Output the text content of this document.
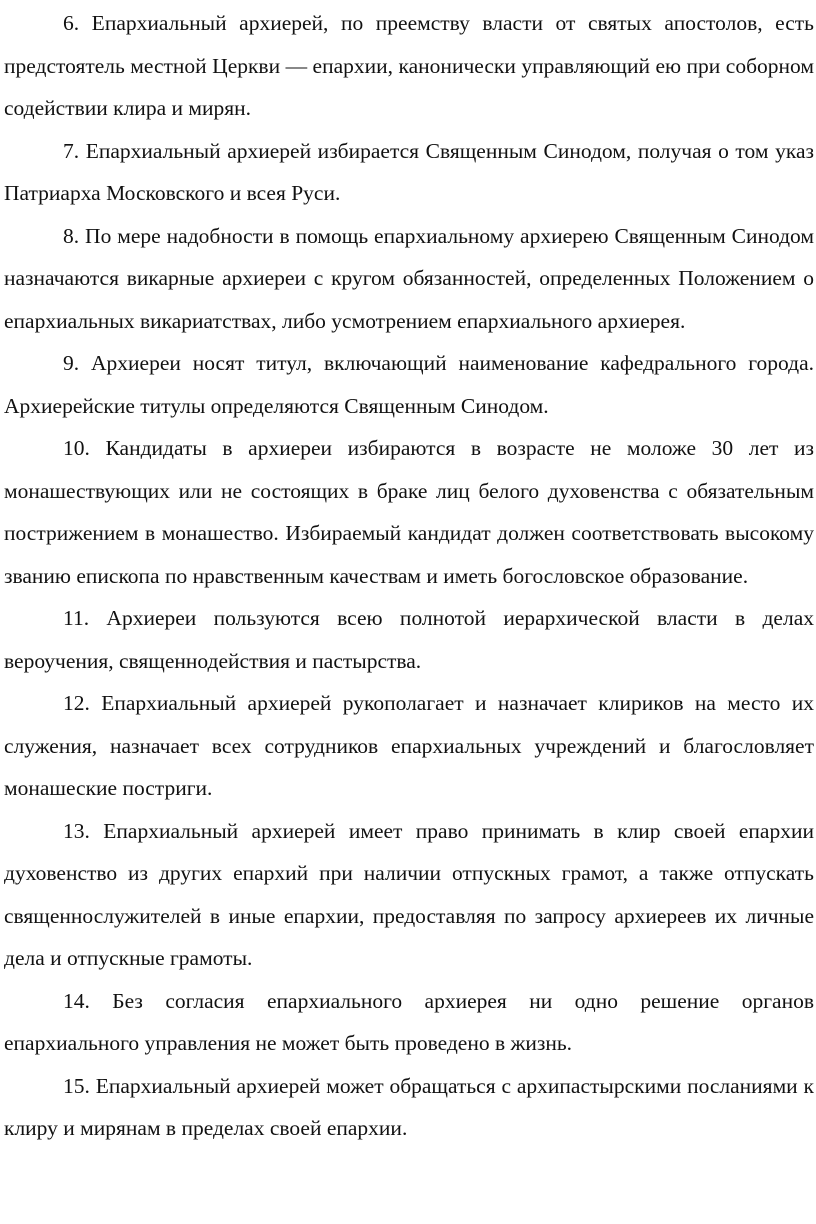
6. Епархиальный архиерей, по преемству власти от святых апостолов, есть предстоятель местной Церкви — епархии, канонически управляющий ею при соборном содействии клира и мирян.

7. Епархиальный архиерей избирается Священным Синодом, получая о том указ Патриарха Московского и всея Руси.

8. По мере надобности в помощь епархиальному архиерею Священным Синодом назначаются викарные архиереи с кругом обязанностей, определенных Положением о епархиальных викариатствах, либо усмотрением епархиального архиерея.

9. Архиереи носят титул, включающий наименование кафедрального города. Архиерейские титулы определяются Священным Синодом.

10. Кандидаты в архиереи избираются в возрасте не моложе 30 лет из монашествующих или не состоящих в браке лиц белого духовенства с обязательным пострижением в монашество. Избираемый кандидат должен соответствовать высокому званию епископа по нравственным качествам и иметь богословское образование.

11. Архиереи пользуются всею полнотой иерархической власти в делах вероучения, священнодействия и пастырства.

12. Епархиальный архиерей рукополагает и назначает клириков на место их служения, назначает всех сотрудников епархиальных учреждений и благословляет монашеские постриги.

13. Епархиальный архиерей имеет право принимать в клир своей епархии духовенство из других епархий при наличии отпускных грамот, а также отпускать священнослужителей в иные епархии, предоставляя по запросу архиереев их личные дела и отпускные грамоты.

14. Без согласия епархиального архиерея ни одно решение органов епархиального управления не может быть проведено в жизнь.

15. Епархиальный архиерей может обращаться с архипастырскими посланиями к клиру и мирянам в пределах своей епархии.
